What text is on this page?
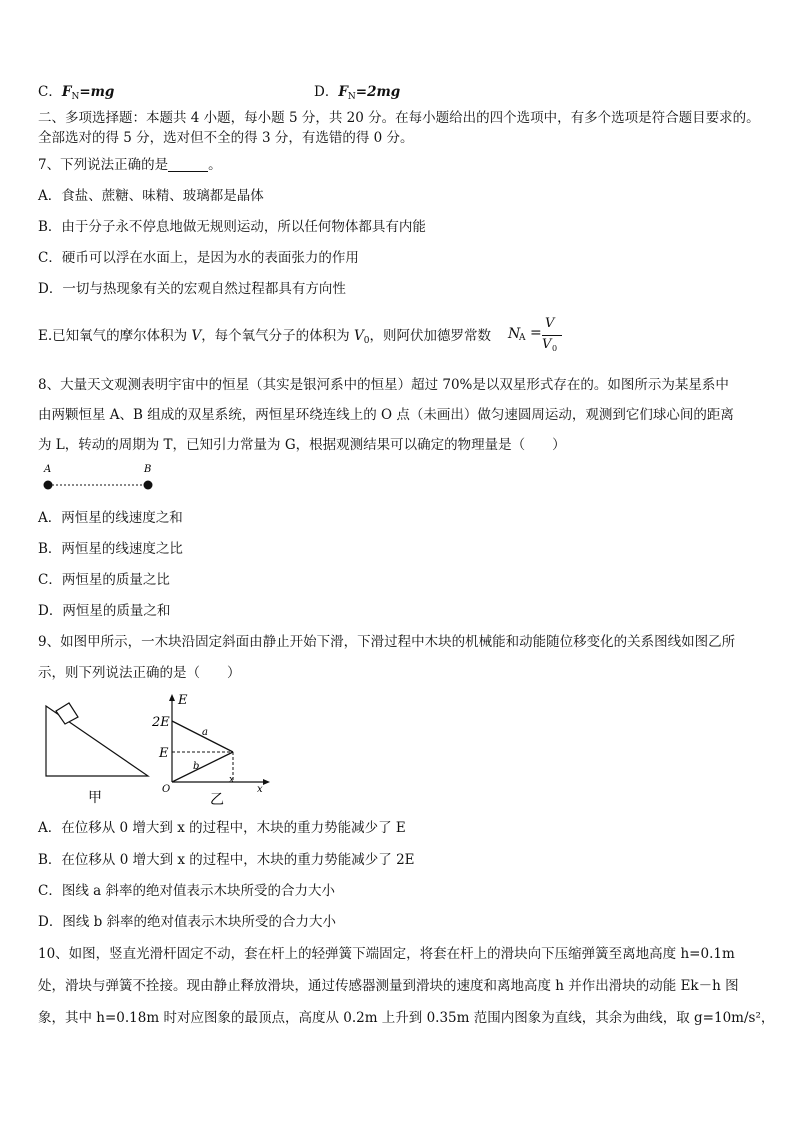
C．$F_N=mg$	D．$F_N=2mg$
二、多项选择题：本题共 4 小题，每小题 5 分，共 20 分。在每小题给出的四个选项中，有多个选项是符合题目要求的。
全部选对的得 5 分，选对但不全的得 3 分，有选错的得 0 分。
7、下列说法正确的是	。
A．食盐、蔗糖、味精、玻璃都是晶体
B．由于分子永不停息地做无规则运动，所以任何物体都具有内能
C．硬币可以浮在水面上，是因为水的表面张力的作用
D．一切与热现象有关的宏观自然过程都具有方向性
E.已知氧气的摩尔体积为 V，每个氧气分子的体积为 $V_0$，则阿伏加德罗常数 N
A =
V
V 0
8、大量天文观测表明宇宙中的恒星（其实是银河系中的恒星）超过 70%是以双星形式存在的。如图所示为某星系中
由两颗恒星 A、B 组成的双星系统，两恒星环绕连线上的 O 点（未画出）做匀速圆周运动，观测到它们球心间的距离
为 L，转动的周期为 T，已知引力常量为 G，根据观测结果可以确定的物理量是（　　）
A	B
A．两恒星的线速度之和
B．两恒星的线速度之比
C．两恒星的质量之比
D．两恒星的质量之和
9、如图甲所示，一木块沿固定斜面由静止开始下滑，下滑过程中木块的机械能和动能随位移变化的关系图线如图乙所
示，则下列说法正确的是（　　）
甲
E
x
2E
E
O
x
a
b
乙
A．在位移从 0 增大到 x 的过程中，木块的重力势能减少了 E
B．在位移从 0 增大到 x 的过程中，木块的重力势能减少了 2E
C．图线 a 斜率的绝对值表示木块所受的合力大小
D．图线 b 斜率的绝对值表示木块所受的合力大小
10、如图，竖直光滑杆固定不动，套在杆上的轻弹簧下端固定，将套在杆上的滑块向下压缩弹簧至离地高度 h=0.1m
处，滑块与弹簧不拴接。现由静止释放滑块，通过传感器测量到滑块的速度和离地高度 h 并作出滑块的动能 Ek－h 图
象，其中 h=0.18m 时对应图象的最顶点，高度从 0.2m 上升到 0.35m 范围内图象为直线，其余为曲线，取 g=10m/s²，
